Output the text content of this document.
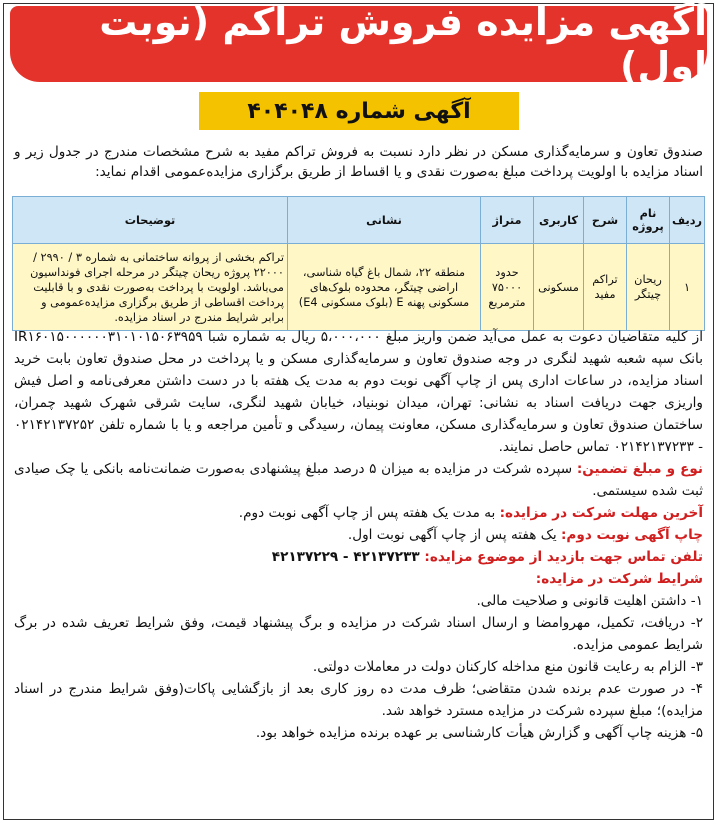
آگهی مزایده فروش تراکم (نوبت اول)
آگهی شماره ۴۰۴۰۴۸
صندوق تعاون و سرمایه‌گذاری مسکن در نظر دارد نسبت به فروش تراکم مفید به شرح مشخصات مندرج در جدول زیر و اسناد مزایده با اولویت پرداخت مبلغ به‌صورت نقدی و یا اقساط از طریق برگزاری مزایده‌عمومی اقدام نماید:
ردیف	نام پروژه	شرح	کاربری	متراژ	نشانی	توضیحات
۱	ریحان چیتگر	تراکم مفید	مسکونی	حدود ۷۵۰۰۰ مترمربع	منطقه ۲۲، شمال باغ گیاه شناسی، اراضی چیتگر، محدوده بلوک‌های مسکونی پهنه E (بلوک مسکونی E4)	تراکم بخشی از پروانه ساختمانی به شماره ۳ / ۲۹۹۰ / ۲۲۰۰۰ پروژه ریحان چیتگر در مرحله اجرای فونداسیون می‌باشد. اولویت با پرداخت به‌صورت نقدی و با قابلیت پرداخت اقساطی از طریق برگزاری مزایده‌عمومی و برابر شرایط مندرج در اسناد مزایده.

از کلیه متقاضیان دعوت به عمل می‌آید ضمن واریز مبلغ ۵،۰۰۰،۰۰۰ ریال به شماره شبا IR۱۶۰۱۵۰۰۰۰۰۰۳۱۰۱۰۱۵۰۶۳۹۵۹ بانک سپه شعبه شهید لنگری در وجه صندوق تعاون و سرمایه‌گذاری مسکن و یا پرداخت در محل صندوق تعاون بابت خرید اسناد مزایده، در ساعات اداری پس از چاپ آگهی نوبت دوم به مدت یک هفته با در دست داشتن معرفی‌نامه و اصل فیش واریزی جهت دریافت اسناد به نشانی: تهران، میدان نوبنیاد، خیابان شهید لنگری، سایت شرقی شهرک شهید چمران، ساختمان صندوق تعاون و سرمایه‌گذاری مسکن، معاونت پیمان، رسیدگی و تأمین مراجعه و یا با شماره تلفن ۰۲۱۴۲۱۳۷۲۵۲ - ۰۲۱۴۲۱۳۷۲۳۳ تماس حاصل نمایند.

نوع و مبلغ تضمین: سپرده شرکت در مزایده به میزان ۵ درصد مبلغ پیشنهادی به‌صورت ضمانت‌نامه بانکی یا چک صیادی ثبت شده سیستمی.

آخرین مهلت شرکت در مزایده: به مدت یک هفته پس از چاپ آگهی نوبت دوم.

چاپ آگهی نوبت دوم: یک هفته پس از چاپ آگهی نوبت اول.

تلفن تماس جهت بازدید از موضوع مزایده: ۴۲۱۳۷۲۳۳ - ۴۲۱۳۷۲۲۹

شرایط شرکت در مزایده:

۱- داشتن اهلیت قانونی و صلاحیت مالی.

۲- دریافت، تکمیل، مهروامضا و ارسال اسناد شرکت در مزایده و برگ پیشنهاد قیمت، وفق شرایط تعریف شده در برگ شرایط عمومی مزایده.

۳- الزام به رعایت قانون منع مداخله کارکنان دولت در معاملات دولتی.

۴- در صورت عدم برنده شدن متقاضی؛ ظرف مدت ده روز کاری بعد از بازگشایی پاکات(وفق شرایط مندرج در اسناد مزایده)؛ مبلغ سپرده شرکت در مزایده مسترد خواهد شد.

۵- هزینه چاپ آگهی و گزارش هیأت کارشناسی بر عهده برنده مزایده خواهد بود.
